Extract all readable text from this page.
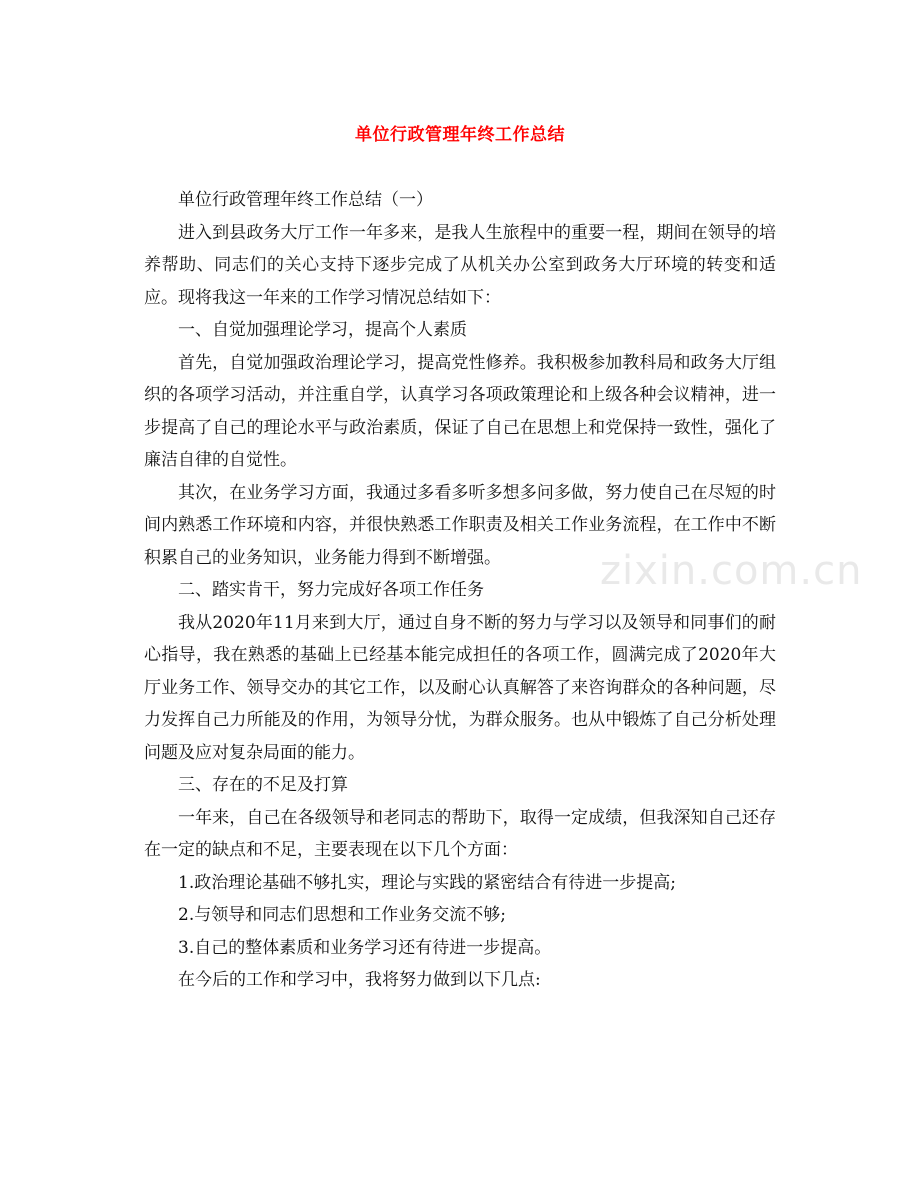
zixin.com.cn
单位行政管理年终工作总结

单位行政管理年终工作总结（一）

进入到县政务大厅工作一年多来，是我人生旅程中的重要一程，期间在领导的培养帮助、同志们的关心支持下逐步完成了从机关办公室到政务大厅环境的转变和适应。现将我这一年来的工作学习情况总结如下：

一、自觉加强理论学习，提高个人素质

首先，自觉加强政治理论学习，提高党性修养。我积极参加教科局和政务大厅组织的各项学习活动，并注重自学，认真学习各项政策理论和上级各种会议精神，进一步提高了自己的理论水平与政治素质，保证了自己在思想上和党保持一致性，强化了廉洁自律的自觉性。

其次，在业务学习方面，我通过多看多听多想多问多做，努力使自己在尽短的时间内熟悉工作环境和内容，并很快熟悉工作职责及相关工作业务流程，在工作中不断积累自己的业务知识，业务能力得到不断增强。

二、踏实肯干，努力完成好各项工作任务

我从2020年11月来到大厅，通过自身不断的努力与学习以及领导和同事们的耐心指导，我在熟悉的基础上已经基本能完成担任的各项工作，圆满完成了2020年大厅业务工作、领导交办的其它工作，以及耐心认真解答了来咨询群众的各种问题，尽力发挥自己力所能及的作用，为领导分忧，为群众服务。也从中锻炼了自己分析处理问题及应对复杂局面的能力。

三、存在的不足及打算

一年来，自己在各级领导和老同志的帮助下，取得一定成绩，但我深知自己还存在一定的缺点和不足，主要表现在以下几个方面：

1.政治理论基础不够扎实，理论与实践的紧密结合有待进一步提高;

2.与领导和同志们思想和工作业务交流不够;

3.自己的整体素质和业务学习还有待进一步提高。

在今后的工作和学习中，我将努力做到以下几点:
